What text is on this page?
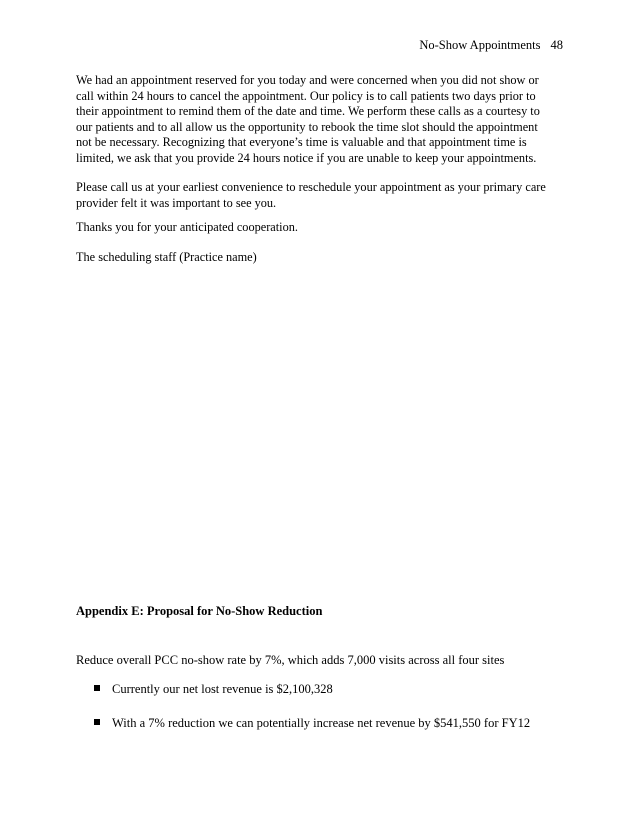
No-Show Appointments 48
We had an appointment reserved for you today and were concerned when you did not show or
call within 24 hours to cancel the appointment. Our policy is to call patients two days prior to
their appointment to remind them of the date and time. We perform these calls as a courtesy to
our patients and to all allow us the opportunity to rebook the time slot should the appointment
not be necessary. Recognizing that everyone’s time is valuable and that appointment time is
limited, we ask that you provide 24 hours notice if you are unable to keep your appointments.
Please call us at your earliest convenience to reschedule your appointment as your primary care
provider felt it was important to see you.
Thanks you for your anticipated cooperation.
The scheduling staff (Practice name)
Appendix E: Proposal for No-Show Reduction
Reduce overall PCC no-show rate by 7%, which adds 7,000 visits across all four sites
Currently our net lost revenue is $2,100,328
With a 7% reduction we can potentially increase net revenue by $541,550 for FY12
